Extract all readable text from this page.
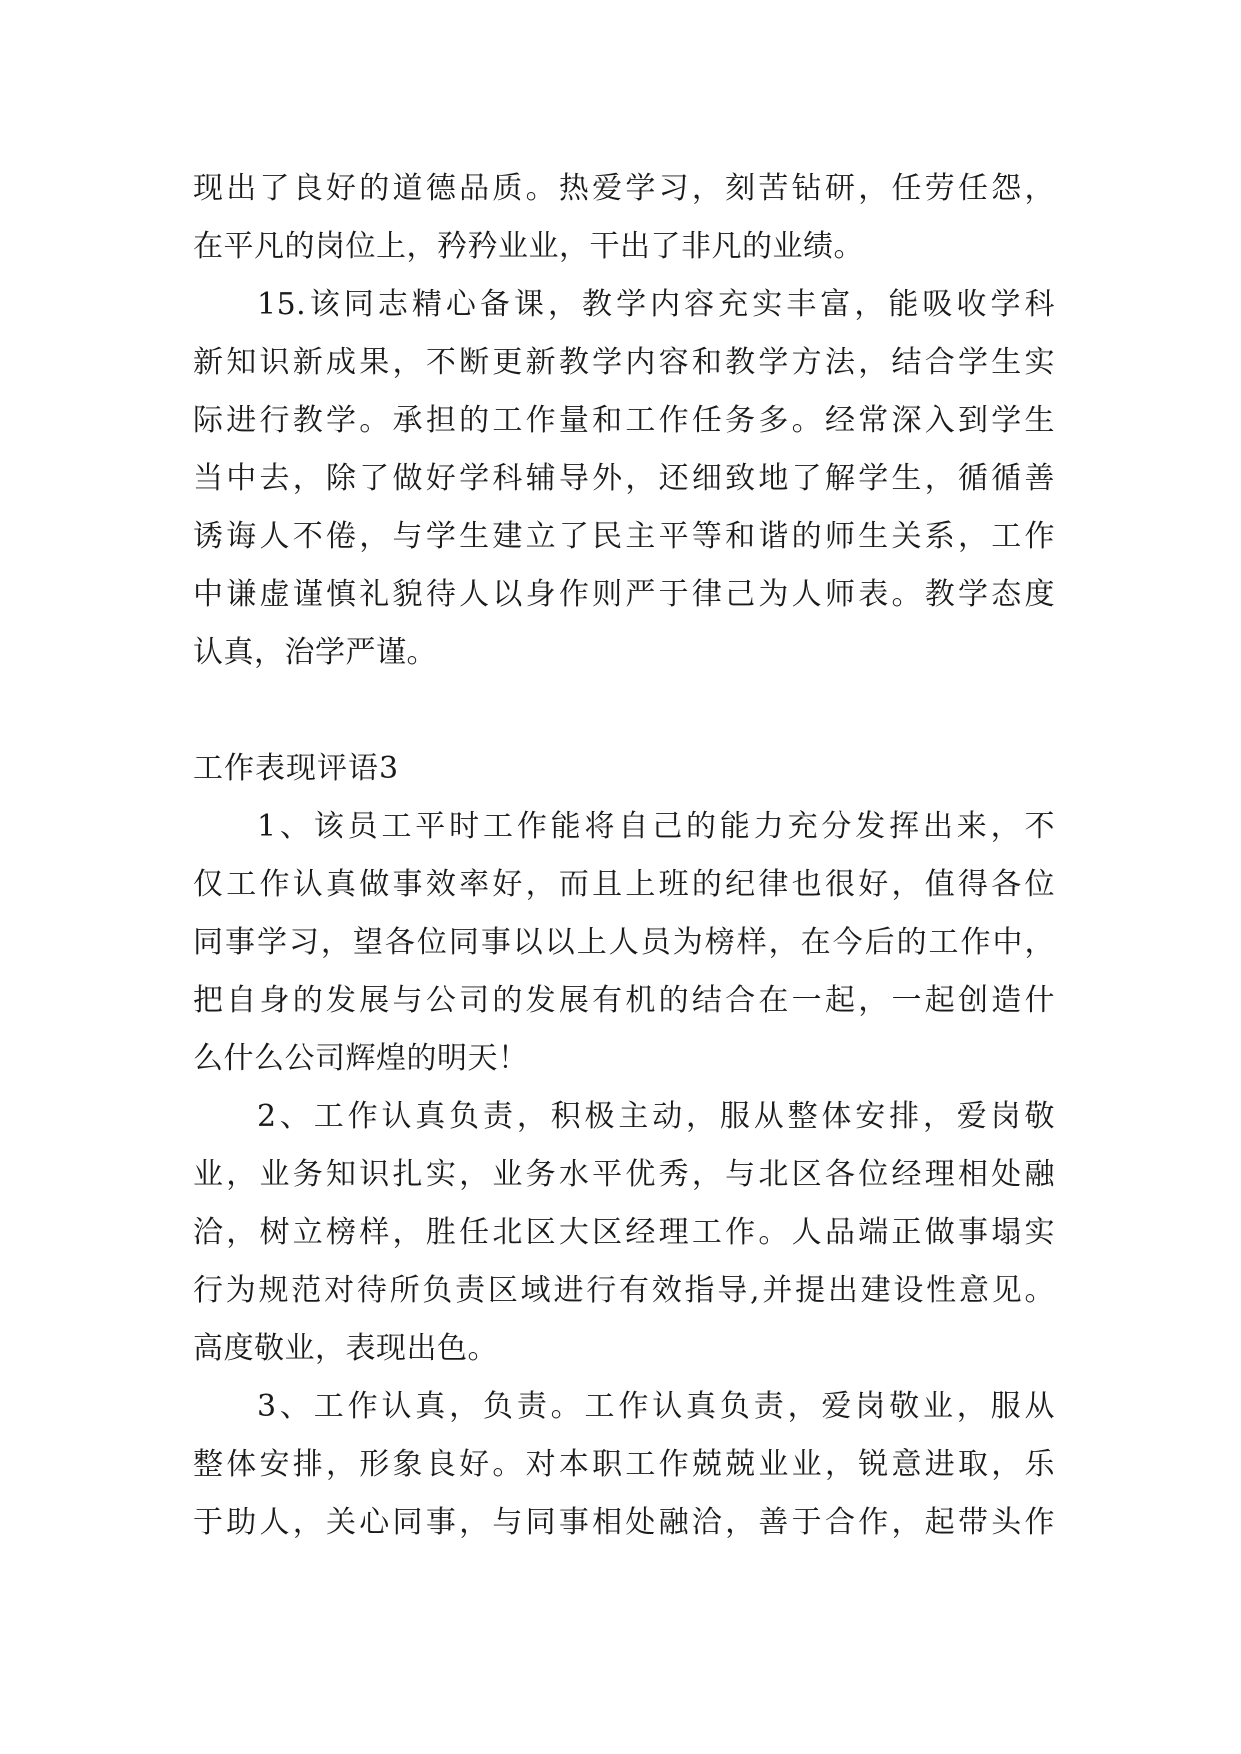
现出了良好的道德品质。热爱学习，刻苦钻研，任劳任怨，
在平凡的岗位上，矜矜业业，干出了非凡的业绩。
15.该同志精心备课，教学内容充实丰富，能吸收学科
新知识新成果，不断更新教学内容和教学方法，结合学生实
际进行教学。承担的工作量和工作任务多。经常深入到学生
当中去，除了做好学科辅导外，还细致地了解学生，循循善
诱诲人不倦，与学生建立了民主平等和谐的师生关系，工作
中谦虚谨慎礼貌待人以身作则严于律己为人师表。教学态度
认真，治学严谨。
工作表现评语3
1、该员工平时工作能将自己的能力充分发挥出来，不
仅工作认真做事效率好，而且上班的纪律也很好，值得各位
同事学习，望各位同事以以上人员为榜样，在今后的工作中，
把自身的发展与公司的发展有机的结合在一起，一起创造什
么什么公司辉煌的明天！
2、工作认真负责，积极主动，服从整体安排，爱岗敬
业，业务知识扎实，业务水平优秀，与北区各位经理相处融
洽，树立榜样，胜任北区大区经理工作。人品端正做事塌实
行为规范对待所负责区域进行有效指导,并提出建设性意见。
高度敬业，表现出色。
3、工作认真，负责。工作认真负责，爱岗敬业，服从
整体安排，形象良好。对本职工作兢兢业业，锐意进取，乐
于助人，关心同事，与同事相处融洽，善于合作，起带头作
